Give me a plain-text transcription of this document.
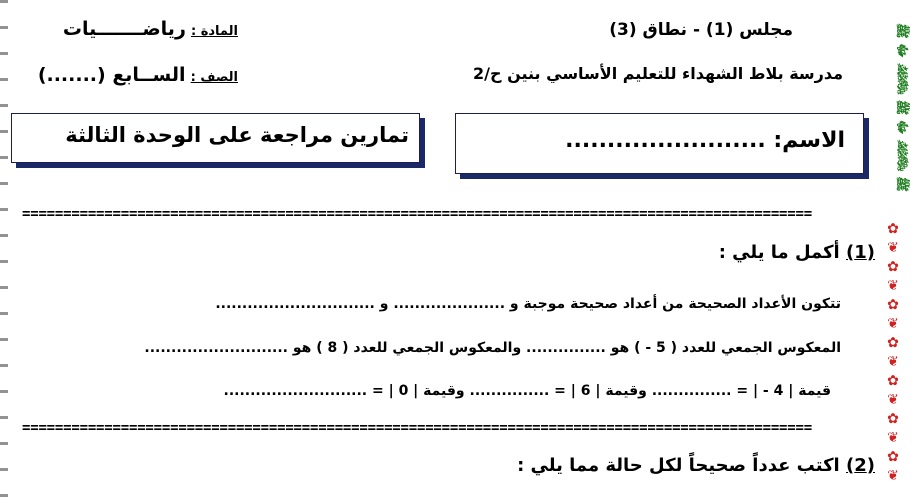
ﷺ ﷽ ﷻ ﷺ ﷽ ﷻ ﷺ
✿
❦
✿
❦
✿
❦
✿
❦
✿
❦
✿
❦
✿
❦
مجلس (1) - نطاق (3)
مدرسة بلاط الشهداء للتعليم الأساسي بنين ح/2
المادة : رياضـــــــيات
الصف : الســابع (.......)
الاسم: ........................
تمارين مراجعة على الوحدة الثالثة
================================================================================================
(1) أكمل ما يلي :
تتكون الأعداد الصحيحة من أعداد صحيحة موجبة و ..................... و ..............................
المعكوس الجمعي للعدد ( 5 - ) هو ............... والمعكوس الجمعي للعدد ( 8 ) هو ...........................
قيمة | 4 - | = ............... وقيمة | 6 | = ............... وقيمة | 0 | = ...........................
================================================================================================
(2) اكتب عدداً صحيحاً لكل حالة مما يلي :
